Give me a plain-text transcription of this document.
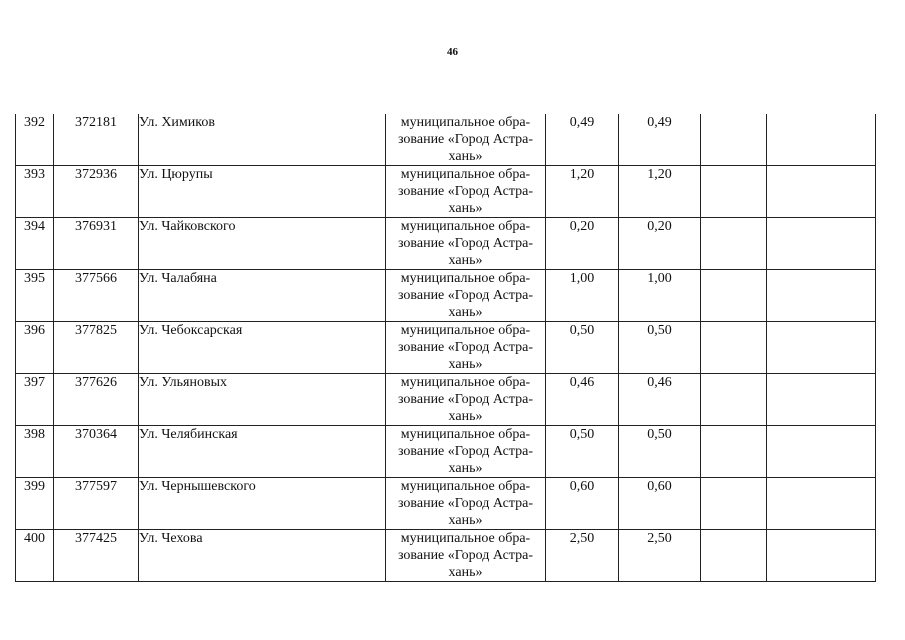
46
392	372181	Ул. Химиков	муниципальное обра-
зование «Город Астра-
хань»	0,49	0,49		
393	372936	Ул. Цюрупы	муниципальное обра-
зование «Город Астра-
хань»	1,20	1,20		
394	376931	Ул. Чайковского	муниципальное обра-
зование «Город Астра-
хань»	0,20	0,20		
395	377566	Ул. Чалабяна	муниципальное обра-
зование «Город Астра-
хань»	1,00	1,00		
396	377825	Ул. Чебоксарская	муниципальное обра-
зование «Город Астра-
хань»	0,50	0,50		
397	377626	Ул. Ульяновых	муниципальное обра-
зование «Город Астра-
хань»	0,46	0,46		
398	370364	Ул. Челябинская	муниципальное обра-
зование «Город Астра-
хань»	0,50	0,50		
399	377597	Ул. Чернышевского	муниципальное обра-
зование «Город Астра-
хань»	0,60	0,60		
400	377425	Ул. Чехова	муниципальное обра-
зование «Город Астра-
хань»	2,50	2,50		
